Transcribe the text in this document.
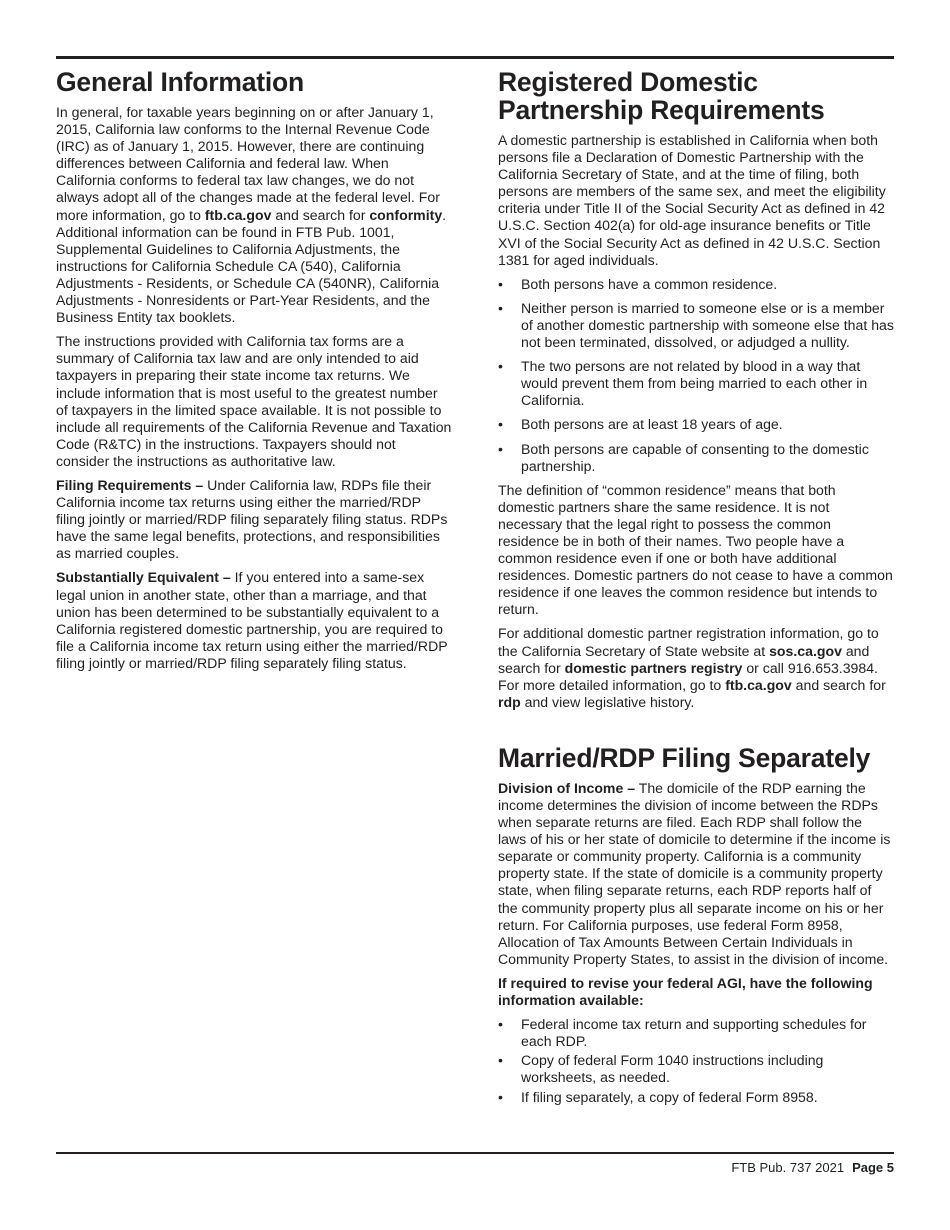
General Information

In general, for taxable years beginning on or after January 1, 2015, California law conforms to the Internal Revenue Code (IRC) as of January 1, 2015. However, there are continuing differences between California and federal law. When California conforms to federal tax law changes, we do not always adopt all of the changes made at the federal level. For more information, go to ftb.ca.gov and search for conformity. Additional information can be found in FTB Pub. 1001, Supplemental Guidelines to California Adjustments, the instructions for California Schedule CA (540), California Adjustments - Residents, or Schedule CA (540NR), California Adjustments - Nonresidents or Part-Year Residents, and the Business Entity tax booklets.

The instructions provided with California tax forms are a summary of California tax law and are only intended to aid taxpayers in preparing their state income tax returns. We include information that is most useful to the greatest number of taxpayers in the limited space available. It is not possible to include all requirements of the California Revenue and Taxation Code (R&TC) in the instructions. Taxpayers should not consider the instructions as authoritative law.

Filing Requirements – Under California law, RDPs file their California income tax returns using either the married/RDP filing jointly or married/RDP filing separately filing status. RDPs have the same legal benefits, protections, and responsibilities as married couples.

Substantially Equivalent – If you entered into a same-sex legal union in another state, other than a marriage, and that union has been determined to be substantially equivalent to a California registered domestic partnership, you are required to file a California income tax return using either the married/RDP filing jointly or married/RDP filing separately filing status.

Registered Domestic Partnership Requirements

A domestic partnership is established in California when both persons file a Declaration of Domestic Partnership with the California Secretary of State, and at the time of filing, both persons are members of the same sex, and meet the eligibility criteria under Title II of the Social Security Act as defined in 42 U.S.C. Section 402(a) for old-age insurance benefits or Title XVI of the Social Security Act as defined in 42 U.S.C. Section 1381 for aged individuals.

• Both persons have a common residence.
• Neither person is married to someone else or is a member of another domestic partnership with someone else that has not been terminated, dissolved, or adjudged a nullity.
• The two persons are not related by blood in a way that would prevent them from being married to each other in California.
• Both persons are at least 18 years of age.
• Both persons are capable of consenting to the domestic partnership.

The definition of “common residence” means that both domestic partners share the same residence. It is not necessary that the legal right to possess the common residence be in both of their names. Two people have a common residence even if one or both have additional residences. Domestic partners do not cease to have a common residence if one leaves the common residence but intends to return.

For additional domestic partner registration information, go to the California Secretary of State website at sos.ca.gov and search for domestic partners registry or call 916.653.3984. For more detailed information, go to ftb.ca.gov and search for rdp and view legislative history.

Married/RDP Filing Separately

Division of Income – The domicile of the RDP earning the income determines the division of income between the RDPs when separate returns are filed. Each RDP shall follow the laws of his or her state of domicile to determine if the income is separate or community property. California is a community property state. If the state of domicile is a community property state, when filing separate returns, each RDP reports half of the community property plus all separate income on his or her return. For California purposes, use federal Form 8958, Allocation of Tax Amounts Between Certain Individuals in Community Property States, to assist in the division of income.

If required to revise your federal AGI, have the following information available:

• Federal income tax return and supporting schedules for each RDP.
• Copy of federal Form 1040 instructions including worksheets, as needed.
• If filing separately, a copy of federal Form 8958.
FTB Pub. 737 2021 Page 5
